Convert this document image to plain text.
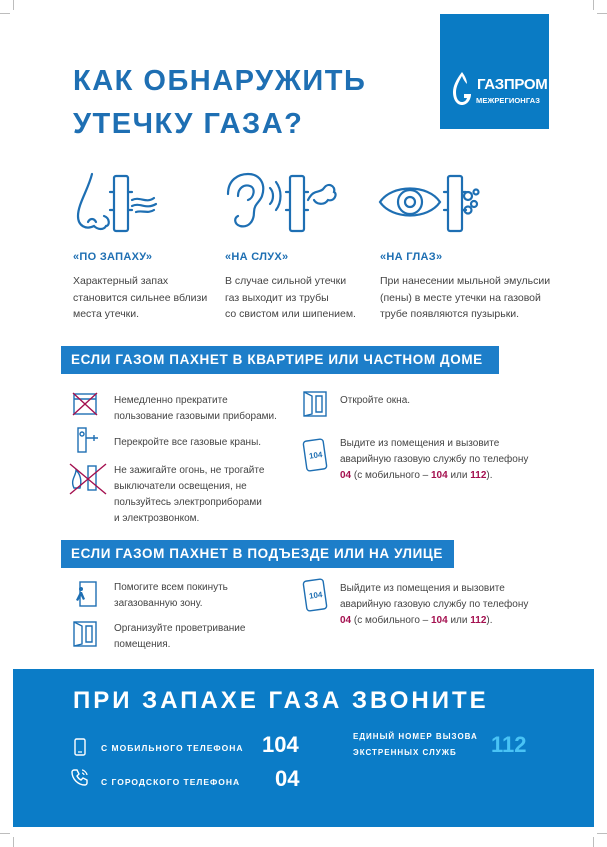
КАК ОБНАРУЖИТЬ
УТЕЧКУ ГАЗА?
ГАЗПРОМ
МЕЖРЕГИОНГАЗ
«ПО ЗАПАХУ»
Характерный запах
становится сильнее вблизи
места утечки.
«НА СЛУХ»
В случае сильной утечки
газ выходит из трубы
со свистом или шипением.
«НА ГЛАЗ»
При нанесении мыльной эмульсии
(пены) в месте утечки на газовой
трубе появляются пузырьки.
ЕСЛИ ГАЗОМ ПАХНЕТ В КВАРТИРЕ ИЛИ ЧАСТНОМ ДОМЕ
Немедленно прекратите
пользование газовыми приборами.
Перекройте все газовые краны.
Не зажигайте огонь, не трогайте
выключатели освещения, не
пользуйтесь электроприборами
и электрозвонком.
Откройте окна.
104
Выдите из помещения и вызовите
аварийную газовую службу по телефону
04 (с мобильного – 104 или 112).
ЕСЛИ ГАЗОМ ПАХНЕТ В ПОДЪЕЗДЕ ИЛИ НА УЛИЦЕ
Помогите всем покинуть
загазованную зону.
Организуйте проветривание
помещения.
104
Выйдите из помещения и вызовите
аварийную газовую службу по телефону
04 (с мобильного – 104 или 112).
ПРИ ЗАПАХЕ ГАЗА ЗВОНИТЕ
С МОБИЛЬНОГО ТЕЛЕФОНА 104
С ГОРОДСКОГО ТЕЛЕФОНА 04
ЕДИНЫЙ НОМЕР ВЫЗОВА
ЭКСТРЕННЫХ СЛУЖБ	112
